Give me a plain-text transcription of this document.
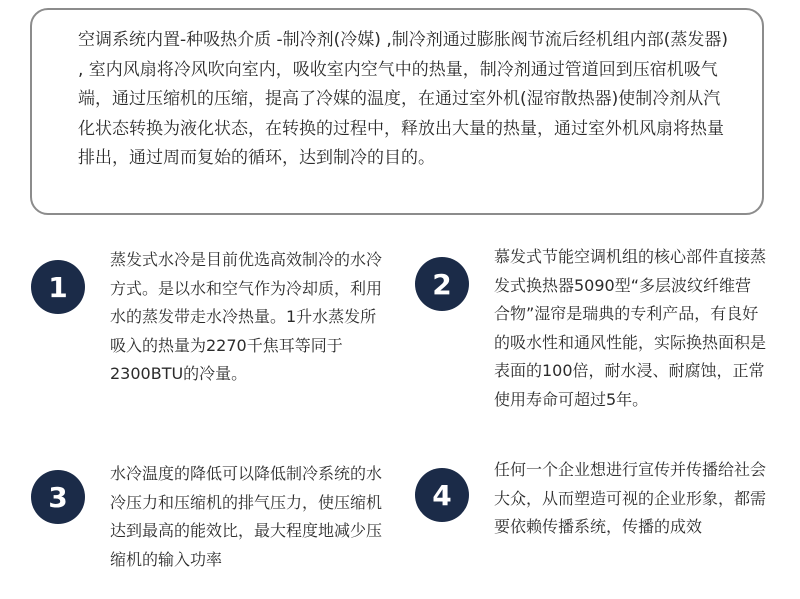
空调系统内置-种吸热介质 -制冷剂(冷媒) ,制冷剂通过膨胀阀节流后经机组内部(蒸发器) , 室内风扇将冷风吹向室内，吸收室内空气中的热量，制冷剂通过管道回到压宿机吸气端，通过压缩机的压缩，提高了冷媒的温度，在通过室外机(湿帘散热器)使制冷剂从汽化状态转换为液化状态，在转换的过程中，释放出大量的热量，通过室外机风扇将热量排出，通过周而复始的循环，达到制冷的目的。

1

蒸发式水冷是目前优选高效制冷的水冷方式。是以水和空气作为冷却质，利用水的蒸发带走水冷热量。1升水蒸发所吸入的热量为2270千焦耳等同于2300BTU的冷量。

2

慕发式节能空调机组的核心部件直接蒸发式换热器5090型“多层波纹纤维营合物”湿帘是瑞典的专利产品，有良好的吸水性和通风性能，实际换热面积是表面的100倍，耐水浸、耐腐蚀，正常使用寿命可超过5年。

3

水冷温度的降低可以降低制冷系统的水冷压力和压缩机的排气压力，使压缩机达到最高的能效比，最大程度地减少压缩机的输入功率

4

任何一个企业想进行宣传并传播给社会大众，从而塑造可视的企业形象，都需要依赖传播系统，传播的成效
